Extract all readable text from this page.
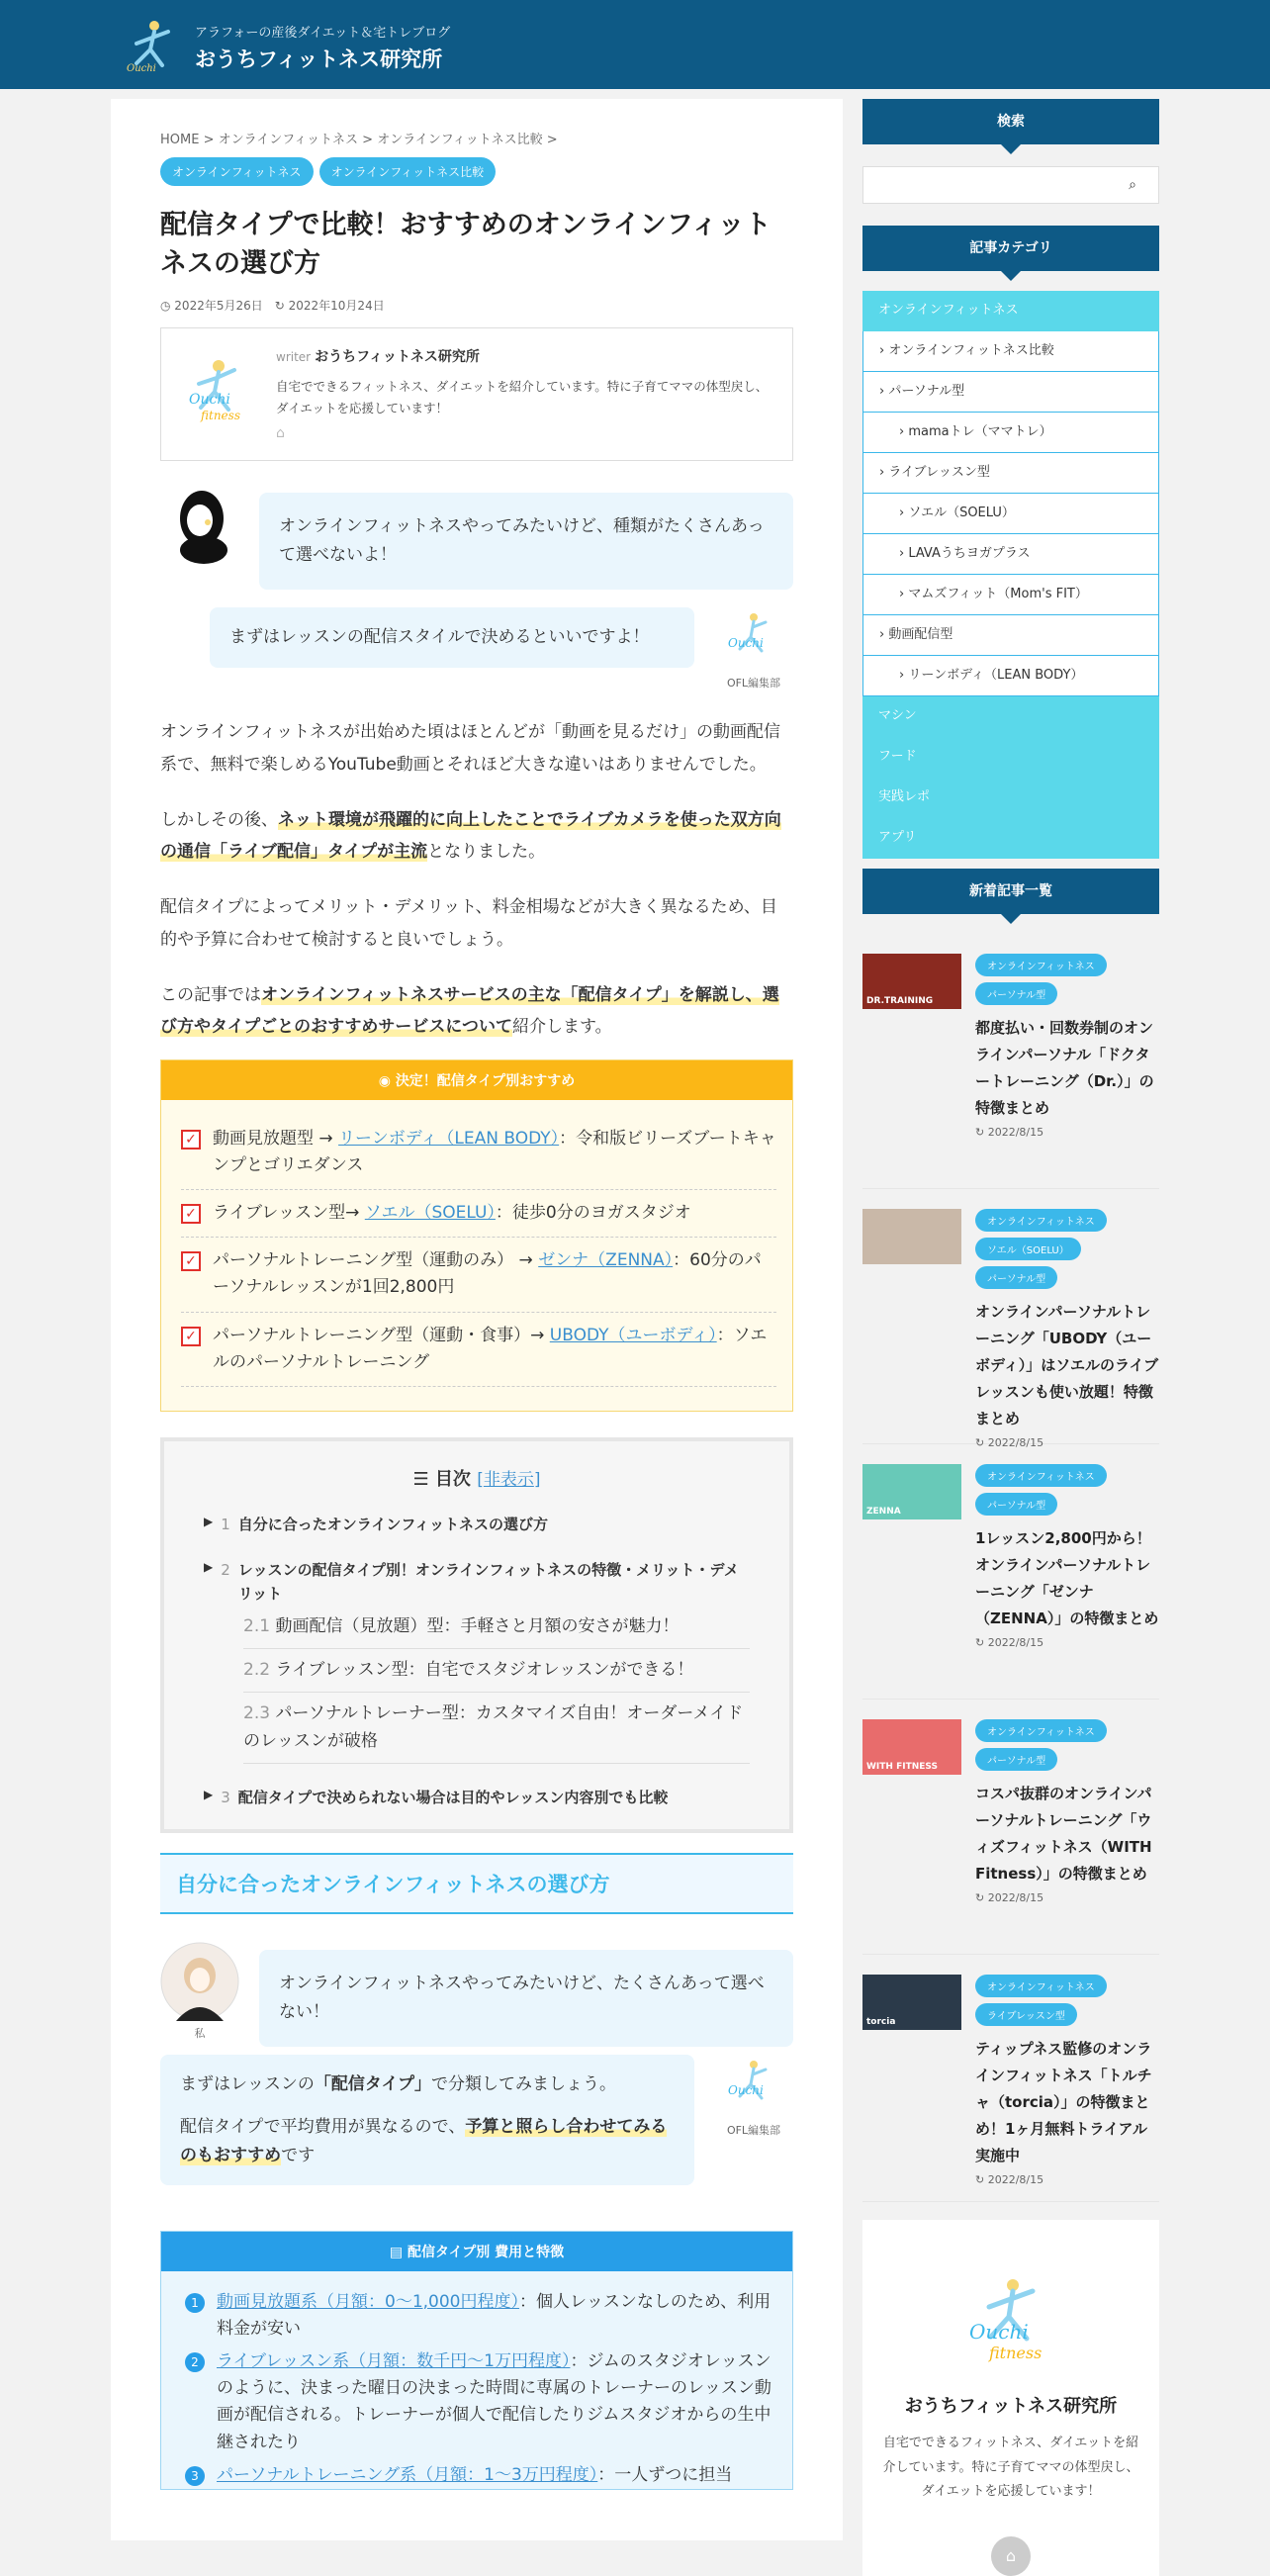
Ouchi
アラフォーの産後ダイエット＆宅トレブログ
おうちフィットネス研究所
HOME > オンラインフィットネス > オンラインフィットネス比較 >
オンラインフィットネス	オンラインフィットネス比較
配信タイプで比較！おすすめのオンラインフィットネスの選び方
◷ 2022年5月26日 ↻ 2022年10月24日
Ouchi
fitness
writer おうちフィットネス研究所
自宅でできるフィットネス、ダイエットを紹介しています。特に子育てママの体型戻し、ダイエットを応援しています！
⌂
オンラインフィットネスやってみたいけど、種類がたくさんあって選べないよ！
まずはレッスンの配信スタイルで決めるといいですよ！	Ouchi
OFL編集部

オンラインフィットネスが出始めた頃はほとんどが「動画を見るだけ」の動画配信系で、無料で楽しめるYouTube動画とそれほど大きな違いはありませんでした。

しかしその後、ネット環境が飛躍的に向上したことでライブカメラを使った双方向の通信「ライブ配信」タイプが主流となりました。

配信タイプによってメリット・デメリット、料金相場などが大きく異なるため、目的や予算に合わせて検討すると良いでしょう。

この記事ではオンラインフィットネスサービスの主な「配信タイプ」を解説し、選び方やタイプごとのおすすめサービスについて紹介します。

◉ 決定！配信タイプ別おすすめ
✓ 動画見放題型 → リーンボディ（LEAN BODY）：令和版ビリーズブートキャンプとゴリエダンス
✓ ライブレッスン型→ ソエル（SOELU）：徒歩0分のヨガスタジオ
✓ パーソナルトレーニング型（運動のみ） → ゼンナ（ZENNA）：60分のパーソナルレッスンが1回2,800円
✓ パーソナルトレーニング型（運動・食事）→ UBODY（ユーボディ）：ソエルのパーソナルトレーニング
☰ 目次 [非表示]
▶ 1 自分に合ったオンラインフィットネスの選び方
▶ 2 レッスンの配信タイプ別！オンラインフィットネスの特徴・メリット・デメリット
2.1 動画配信（見放題）型：手軽さと月額の安さが魅力！
2.2 ライブレッスン型：自宅でスタジオレッスンができる！
2.3 パーソナルトレーナー型：カスタマイズ自由！オーダーメイドのレッスンが破格
▶ 3 配信タイプで決められない場合は目的やレッスン内容別でも比較
自分に合ったオンラインフィットネスの選び方
私
オンラインフィットネスやってみたいけど、たくさんあって選べない！
まずはレッスンの「配信タイプ」で分類してみましょう。
配信タイプで平均費用が異なるので、予算と照らし合わせてみるのもおすすめです
Ouchi
OFL編集部
▤ 配信タイプ別 費用と特徴
1	動画見放題系（月額：0〜1,000円程度）：個人レッスンなしのため、利用料金が安い
2	ライブレッスン系（月額：数千円〜1万円程度）：ジムのスタジオレッスンのように、決まった曜日の決まった時間に専属のトレーナーのレッスン動画が配信される。トレーナーが個人で配信したりジムスタジオからの生中継されたり
3	パーソナルトレーニング系（月額：1〜3万円程度）：一人ずつに担当
検索
⌕
記事カテゴリ
オンラインフィットネス
› オンラインフィットネス比較
› パーソナル型
› mamaトレ（ママトレ）
› ライブレッスン型
› ソエル（SOELU）
› LAVAうちヨガプラス
› マムズフィット（Mom's FIT）
› 動画配信型
› リーンボディ（LEAN BODY）
マシン
フード
実践レポ
アプリ
新着記事一覧
DR.TRAINING
オンラインフィットネスパーソナル型
都度払い・回数券制のオンラインパーソナル「ドクタートレーニング（Dr.）」の特徴まとめ
↻ 2022/8/15
オンラインフィットネスソエル（SOELU）パーソナル型
オンラインパーソナルトレーニング「UBODY（ユーボディ）」はソエルのライブレッスンも使い放題！特徴まとめ
↻ 2022/8/15
ZENNA
オンラインフィットネスパーソナル型
1レッスン2,800円から！オンラインパーソナルトレーニング「ゼンナ（ZENNA）」の特徴まとめ
↻ 2022/8/15
WITH FITNESS
オンラインフィットネスパーソナル型
コスパ抜群のオンラインパーソナルトレーニング「ウィズフィットネス（WITH Fitness）」の特徴まとめ
↻ 2022/8/15
torcia
オンラインフィットネスライブレッスン型
ティップネス監修のオンラインフィットネス「トルチャ（torcia）」の特徴まとめ！1ヶ月無料トライアル実施中
↻ 2022/8/15
Ouchi
fitness
おうちフィットネス研究所
自宅でできるフィットネス、ダイエットを紹介しています。特に子育てママの体型戻し、ダイエットを応援しています！
⌂
